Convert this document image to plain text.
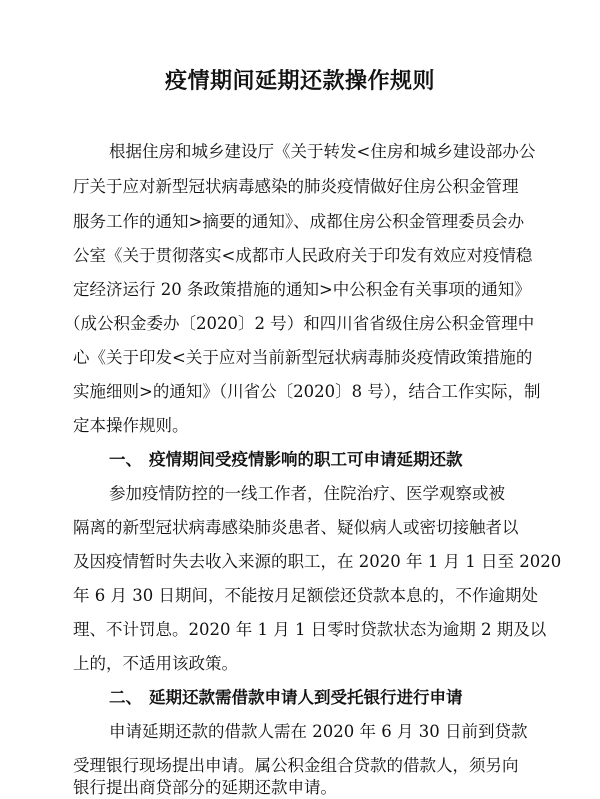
疫情期间延期还款操作规则
根据住房和城乡建设厅《关于转发<住房和城乡建设部办公
厅关于应对新型冠状病毒感染的肺炎疫情做好住房公积金管理
服务工作的通知>摘要的通知》、成都住房公积金管理委员会办
公室《关于贯彻落实<成都市人民政府关于印发有效应对疫情稳
定经济运行 20 条政策措施的通知>中公积金有关事项的通知》
（成公积金委办〔2020〕2 号）和四川省省级住房公积金管理中
心《关于印发<关于应对当前新型冠状病毒肺炎疫情政策措施的
实施细则>的通知》（川省公〔2020〕8 号），结合工作实际，制
定本操作规则。
一、 疫情期间受疫情影响的职工可申请延期还款
参加疫情防控的一线工作者，住院治疗、医学观察或被
隔离的新型冠状病毒感染肺炎患者、疑似病人或密切接触者以
及因疫情暂时失去收入来源的职工，在 2020 年 1 月 1 日至 2020
年 6 月 30 日期间，不能按月足额偿还贷款本息的，不作逾期处
理、不计罚息。2020 年 1 月 1 日零时贷款状态为逾期 2 期及以
上的，不适用该政策。
二、 延期还款需借款申请人到受托银行进行申请
申请延期还款的借款人需在 2020 年 6 月 30 日前到贷款
受理银行现场提出申请。属公积金组合贷款的借款人，须另向
银行提出商贷部分的延期还款申请。
